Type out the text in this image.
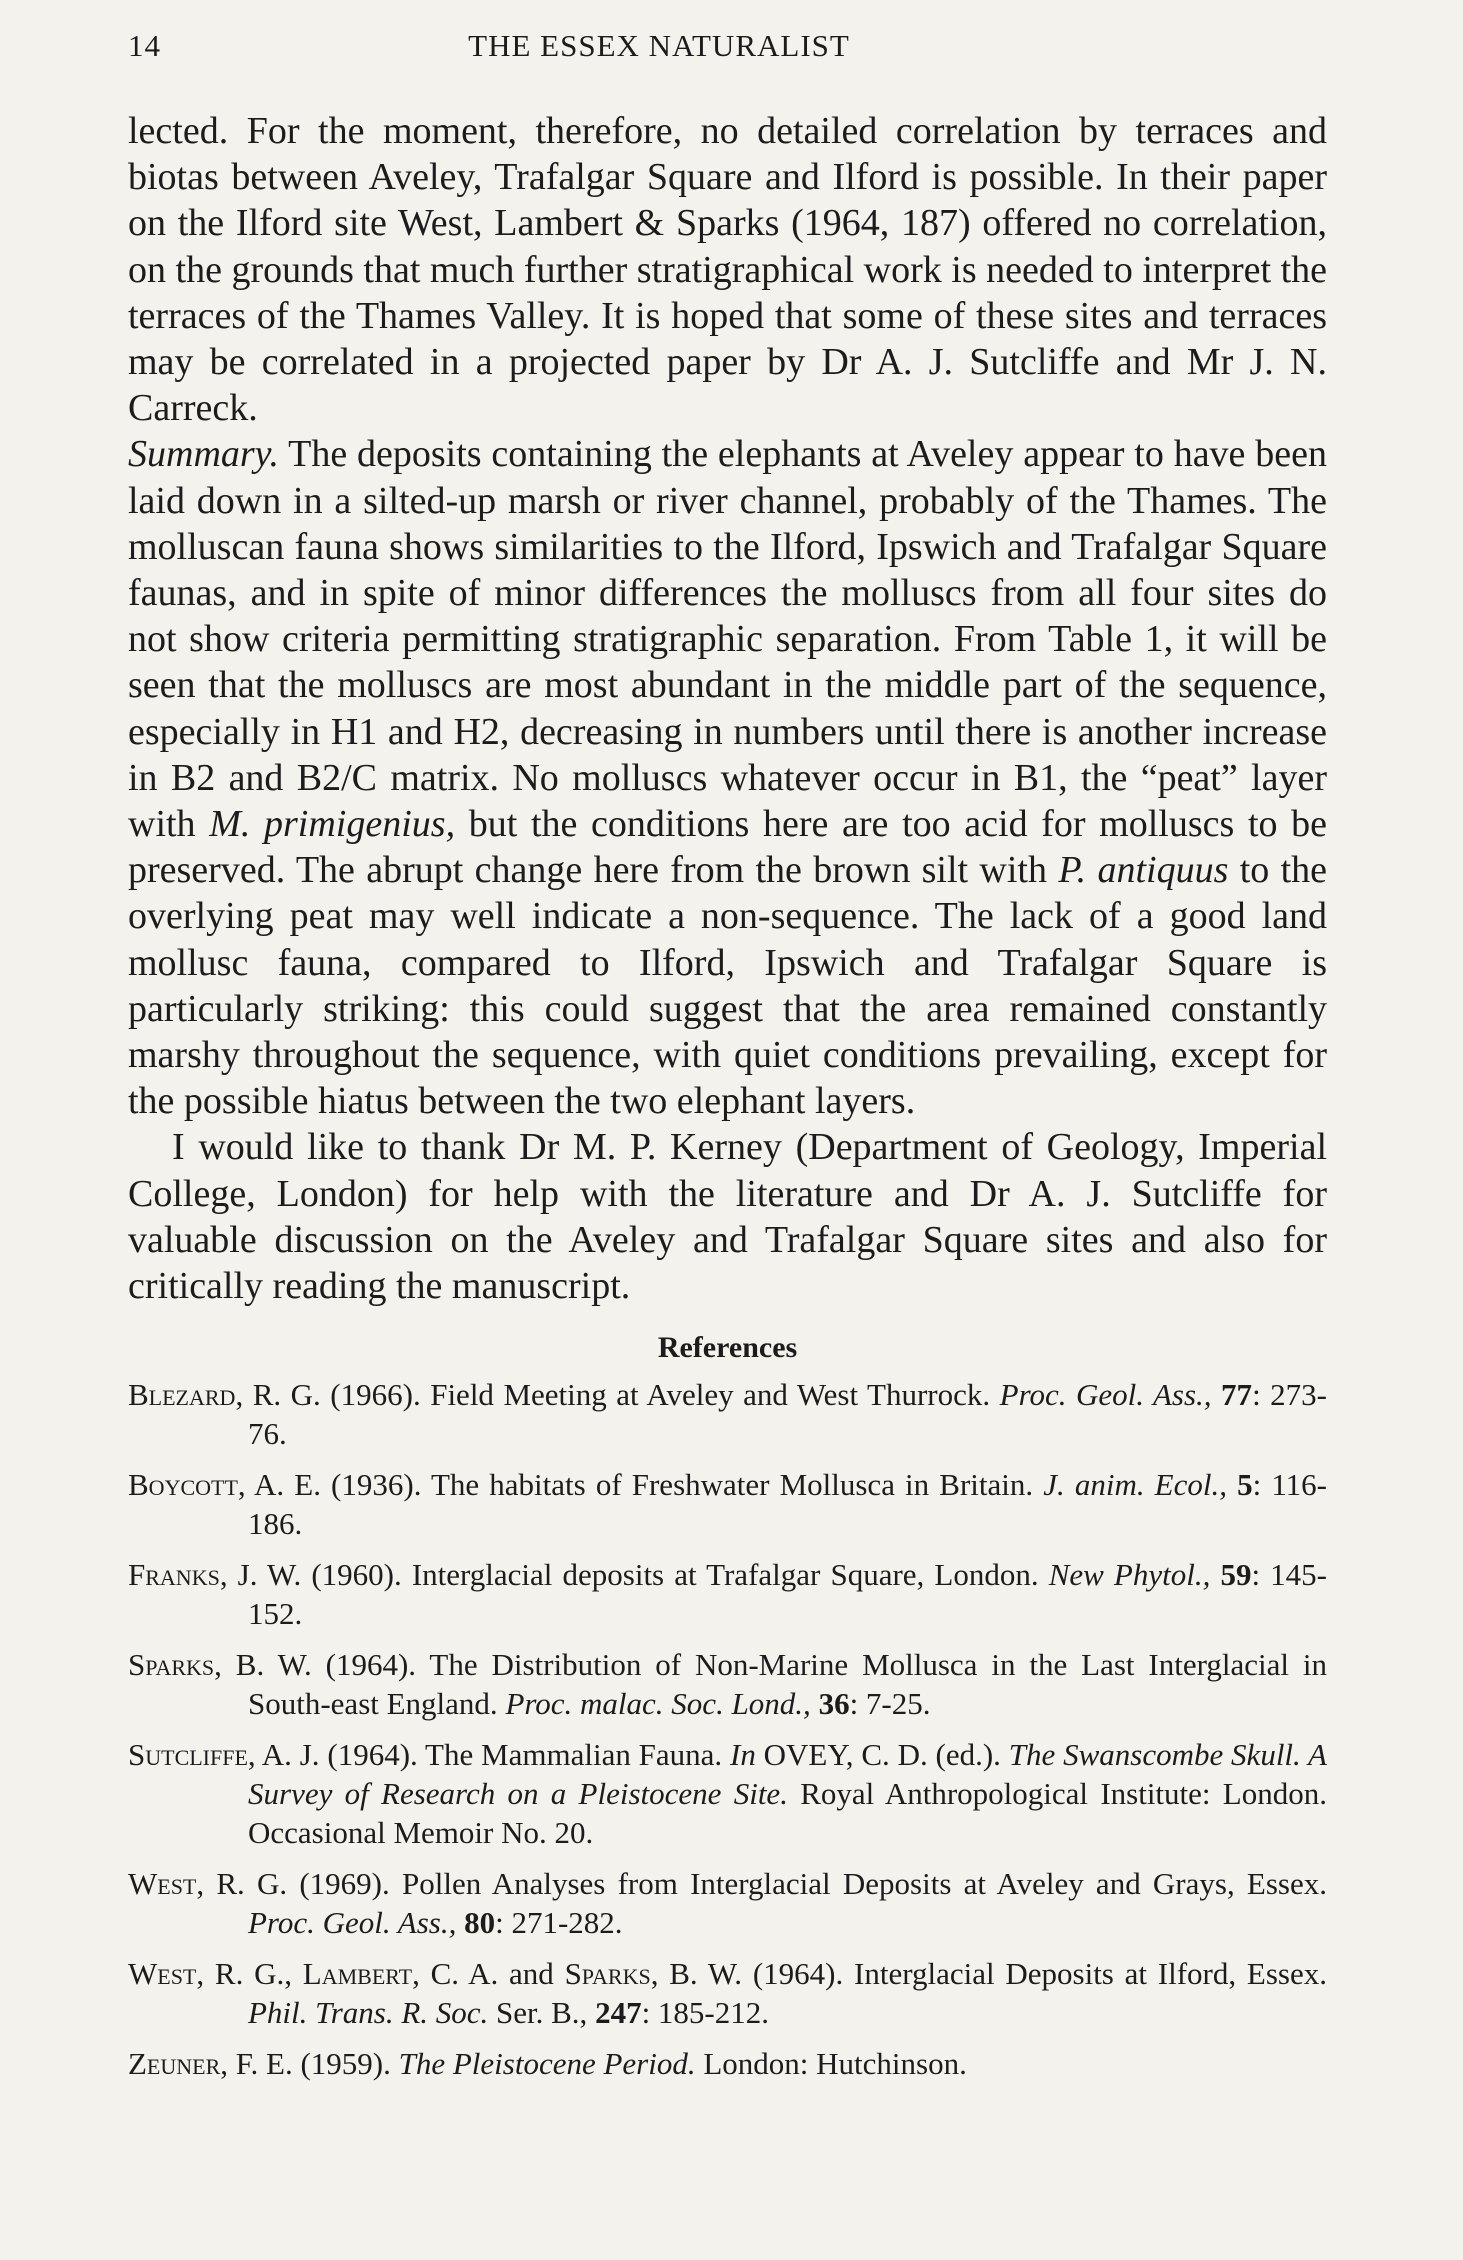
14	THE ESSEX NATURALIST

lected. For the moment, therefore, no detailed correlation by terraces and biotas between Aveley, Trafalgar Square and Ilford is possible. In their paper on the Ilford site West, Lambert & Sparks (1964, 187) offered no correlation, on the grounds that much further stratigraphical work is needed to interpret the terraces of the Thames Valley. It is hoped that some of these sites and terraces may be correlated in a projected paper by Dr A. J. Sutcliffe and Mr J. N. Carreck.

Summary. The deposits containing the elephants at Aveley appear to have been laid down in a silted-up marsh or river channel, probably of the Thames. The molluscan fauna shows similarities to the Ilford, Ipswich and Trafalgar Square faunas, and in spite of minor differences the molluscs from all four sites do not show criteria permitting stratigraphic separation. From Table 1, it will be seen that the molluscs are most abundant in the middle part of the sequence, especially in H1 and H2, decreasing in numbers until there is another increase in B2 and B2/C matrix. No molluscs whatever occur in B1, the “peat” layer with M. primigenius, but the conditions here are too acid for molluscs to be preserved. The abrupt change here from the brown silt with P. antiquus to the overlying peat may well indicate a non-sequence. The lack of a good land mollusc fauna, compared to Ilford, Ipswich and Trafalgar Square is particularly striking: this could suggest that the area remained constantly marshy throughout the sequence, with quiet conditions prevailing, except for the possible hiatus between the two elephant layers.

I would like to thank Dr M. P. Kerney (Department of Geology, Imperial College, London) for help with the literature and Dr A. J. Sutcliffe for valuable discussion on the Aveley and Trafalgar Square sites and also for critically reading the manuscript.

References

Blezard, R. G. (1966). Field Meeting at Aveley and West Thurrock. Proc. Geol. Ass., 77: 273-76.

Boycott, A. E. (1936). The habitats of Freshwater Mollusca in Britain. J. anim. Ecol., 5: 116-186.

Franks, J. W. (1960). Interglacial deposits at Trafalgar Square, London. New Phytol., 59: 145-152.

Sparks, B. W. (1964). The Distribution of Non-Marine Mollusca in the Last Interglacial in South-east England. Proc. malac. Soc. Lond., 36: 7-25.

Sutcliffe, A. J. (1964). The Mammalian Fauna. In OVEY, C. D. (ed.). The Swanscombe Skull. A Survey of Research on a Pleistocene Site. Royal Anthropological Institute: London. Occasional Memoir No. 20.

West, R. G. (1969). Pollen Analyses from Interglacial Deposits at Aveley and Grays, Essex. Proc. Geol. Ass., 80: 271-282.

West, R. G., Lambert, C. A. and Sparks, B. W. (1964). Interglacial Deposits at Ilford, Essex. Phil. Trans. R. Soc. Ser. B., 247: 185-212.

Zeuner, F. E. (1959). The Pleistocene Period. London: Hutchinson.
